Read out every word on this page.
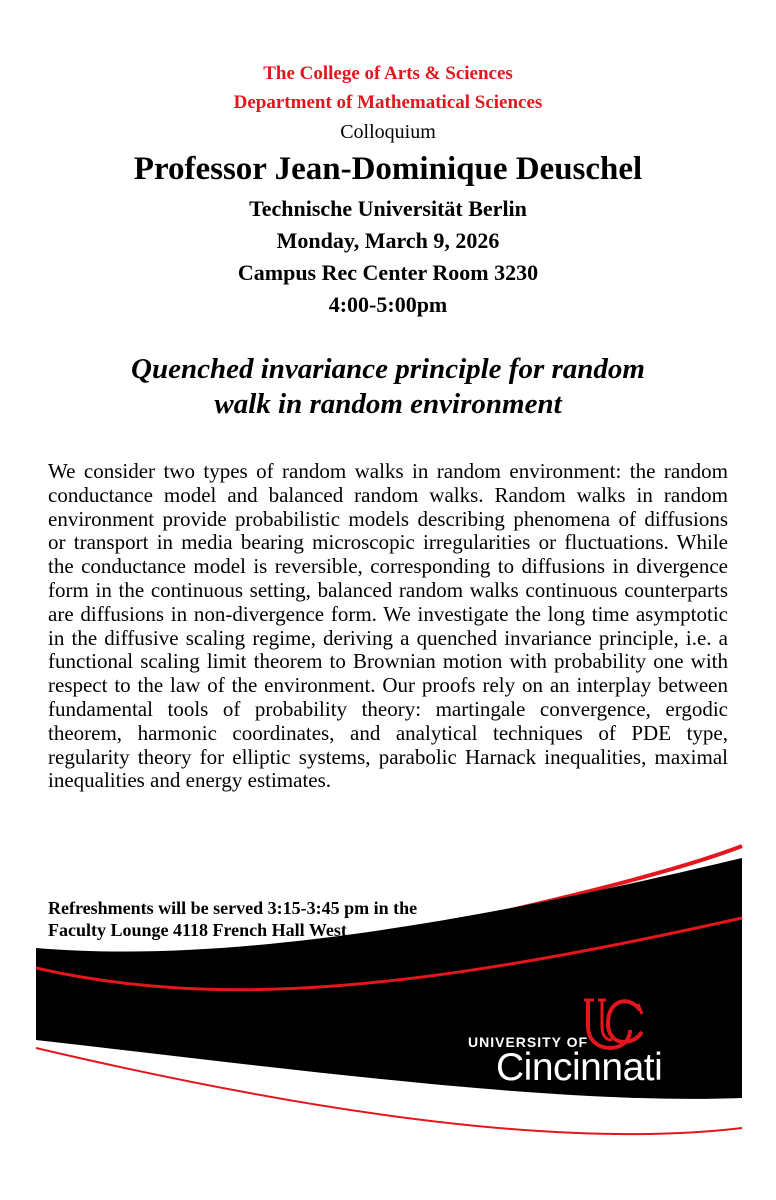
The College of Arts & Sciences
Department of Mathematical Sciences
Colloquium
Professor Jean-Dominique Deuschel
Technische Universität Berlin
Monday, March 9, 2026
Campus Rec Center Room 3230
4:00-5:00pm
Quenched invariance principle for random
walk in random environment
We consider two types of random walks in random environment: the random conductance model and balanced random walks. Random walks in random environment provide probabilistic models describing phenomena of diffusions or transport in media bearing microscopic irregularities or fluctuations. While the conductance model is reversible, corresponding to diffusions in divergence form in the continuous setting, balanced random walks continuous counterparts are diffusions in non-divergence form. We investigate the long time asymptotic in the diffusive scaling regime, deriving a quenched invariance principle, i.e. a functional scaling limit theorem to Brownian motion with probability one with respect to the law of the environment. Our proofs rely on an interplay between fundamental tools of probability theory: martingale convergence, ergodic theorem, harmonic coordinates, and analytical techniques of PDE type, regularity theory for elliptic systems, parabolic Harnack inequalities, maximal inequalities and energy estimates.
Refreshments will be served 3:15-3:45 pm in the
Faculty Lounge 4118 French Hall West
UNIVERSITY OF
Cincinnati
